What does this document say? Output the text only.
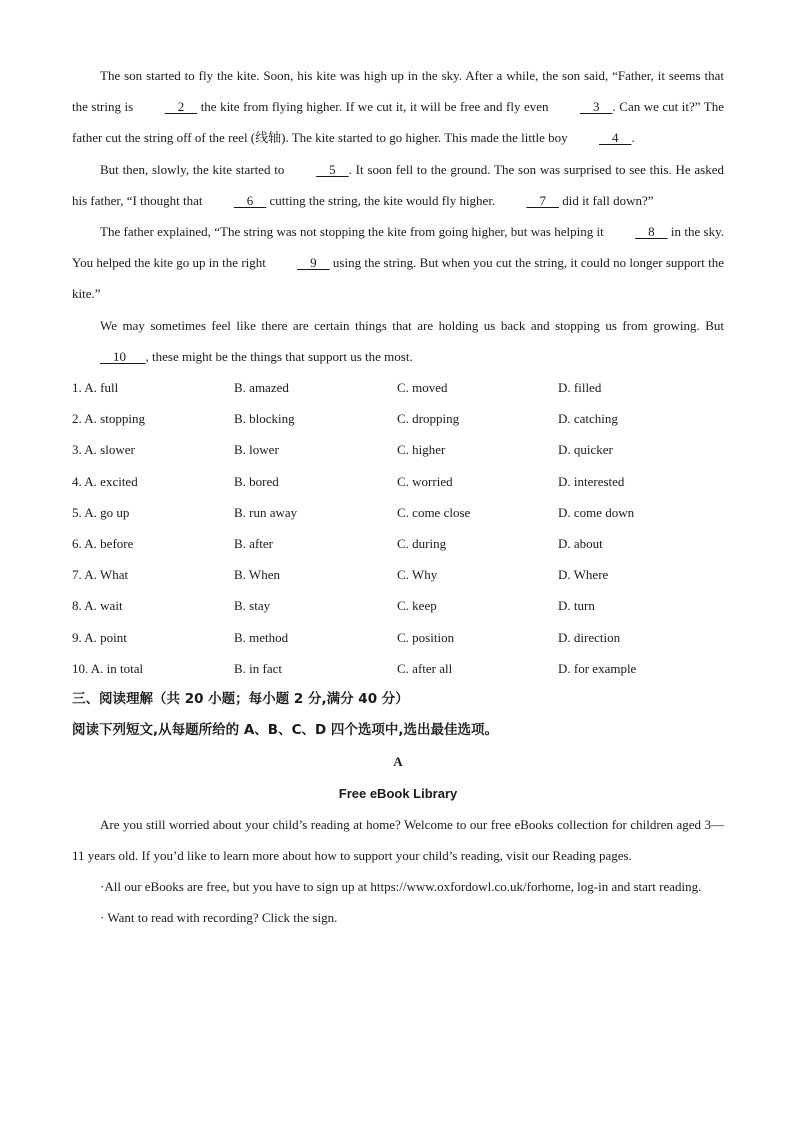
The son started to fly the kite. Soon, his kite was high up in the sky. After a while, the son said, “Father, it seems that the string is     2     the kite from flying higher. If we cut it, it will be free and fly even     3    . Can we cut it?” The father cut the string off of the reel (线轴). The kite started to go higher. This made the little boy     4    .

But then, slowly, the kite started to     5    . It soon fell to the ground. The son was surprised to see this. He asked his father, “I thought that     6     cutting the string, the kite would fly higher.     7     did it fall down?”

The father explained, “The string was not stopping the kite from going higher, but was helping it     8     in the sky. You helped the kite go up in the right     9     using the string. But when you cut the string, it could no longer support the kite.”

We may sometimes feel like there are certain things that are holding us back and stopping us from growing. But     10      , these might be the things that support us the most.

1. A. full	B. amazed	C. moved	D. filled
2. A. stopping	B. blocking	C. dropping	D. catching
3. A. slower	B. lower	C. higher	D. quicker
4. A. excited	B. bored	C. worried	D. interested
5. A. go up	B. run away	C. come close	D. come down
6. A. before	B. after	C. during	D. about
7. A. What	B. When	C. Why	D. Where
8. A. wait	B. stay	C. keep	D. turn
9. A. point	B. method	C. position	D. direction
10. A. in total	B. in fact	C. after all	D. for example

三、阅读理解（共 20 小题；每小题 2 分,满分 40 分）

阅读下列短文,从每题所给的 A、B、C、D 四个选项中,选出最佳选项。

A
Free eBook Library

Are you still worried about your child’s reading at home? Welcome to our free eBooks collection for children aged 3—11 years old. If you’d like to learn more about how to support your child’s reading, visit our Reading pages.

·All our eBooks are free, but you have to sign up at https://www.oxfordowl.co.uk/forhome, log-in and start reading.

· Want to read with recording? Click the sign.
